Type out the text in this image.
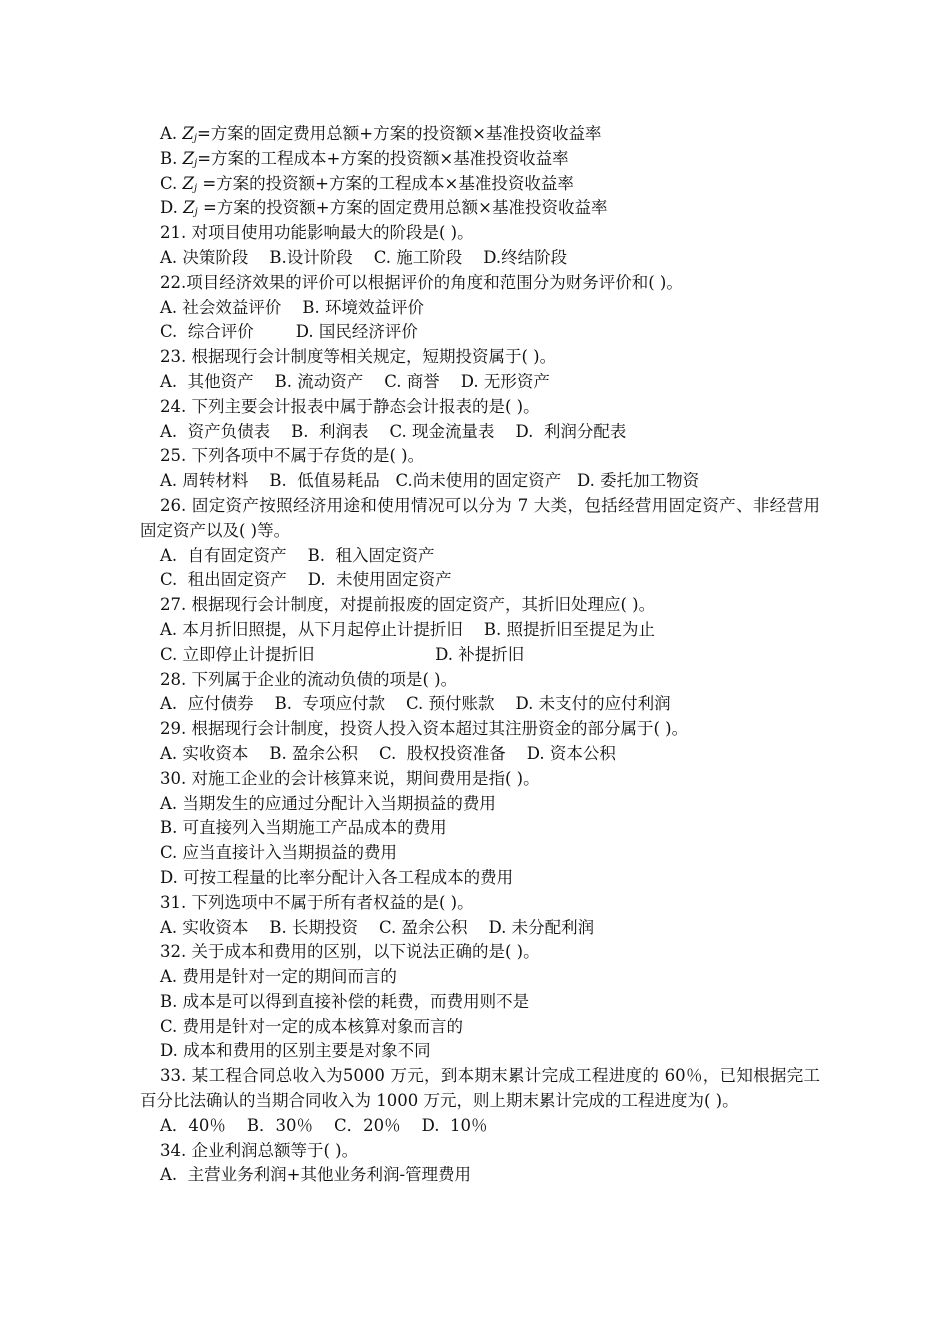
A. $Z_j=$方案的固定费用总额+方案的投资额×基准投资收益率

B. $Z_j=$方案的工程成本+方案的投资额×基准投资收益率

C. $Z_j$ =方案的投资额+方案的工程成本×基准投资收益率

D. $Z_j$ =方案的投资额+方案的固定费用总额×基准投资收益率

21. 对项目使用功能影响最大的阶段是( )。

A. 决策阶段    B.设计阶段    C. 施工阶段    D.终结阶段

22.项目经济效果的评价可以根据评价的角度和范围分为财务评价和( )。

A. 社会效益评价    B. 环境效益评价

C.  综合评价        D. 国民经济评价

23. 根据现行会计制度等相关规定，短期投资属于( )。

A.  其他资产    B. 流动资产    C. 商誉    D. 无形资产

24. 下列主要会计报表中属于静态会计报表的是( )。

A.  资产负债表    B.  利润表    C. 现金流量表    D.  利润分配表

25. 下列各项中不属于存货的是( )。

A. 周转材料    B.  低值易耗品   C.尚未使用的固定资产   D. 委托加工物资

26. 固定资产按照经济用途和使用情况可以分为 7 大类，包括经营用固定资产、非经营用固定资产以及( )等。

A.  自有固定资产    B.  租入固定资产

C.  租出固定资产    D.  未使用固定资产

27. 根据现行会计制度，对提前报废的固定资产，其折旧处理应( )。

A. 本月折旧照提，从下月起停止计提折旧    B. 照提折旧至提足为止

C. 立即停止计提折旧                       D. 补提折旧

28. 下列属于企业的流动负债的项是( )。

A.  应付债券    B.  专项应付款    C. 预付账款    D. 未支付的应付利润

29. 根据现行会计制度，投资人投入资本超过其注册资金的部分属于( )。

A. 实收资本    B. 盈余公积    C.  股权投资准备    D. 资本公积

30. 对施工企业的会计核算来说，期间费用是指( )。

A. 当期发生的应通过分配计入当期损益的费用

B. 可直接列入当期施工产品成本的费用

C. 应当直接计入当期损益的费用

D. 可按工程量的比率分配计入各工程成本的费用

31. 下列选项中不属于所有者权益的是( )。

A. 实收资本    B. 长期投资    C. 盈余公积    D. 未分配利润

32. 关于成本和费用的区别，以下说法正确的是( )。

A. 费用是针对一定的期间而言的

B. 成本是可以得到直接补偿的耗费，而费用则不是

C. 费用是针对一定的成本核算对象而言的

D. 成本和费用的区别主要是对象不同

33. 某工程合同总收入为5000 万元，到本期末累计完成工程进度的 60％，已知根据完工百分比法确认的当期合同收入为 1000 万元，则上期末累计完成的工程进度为( )。

A．40％    B．30％    C．20％    D.  10％

34. 企业利润总额等于( )。

A.  主营业务利润+其他业务利润-管理费用
